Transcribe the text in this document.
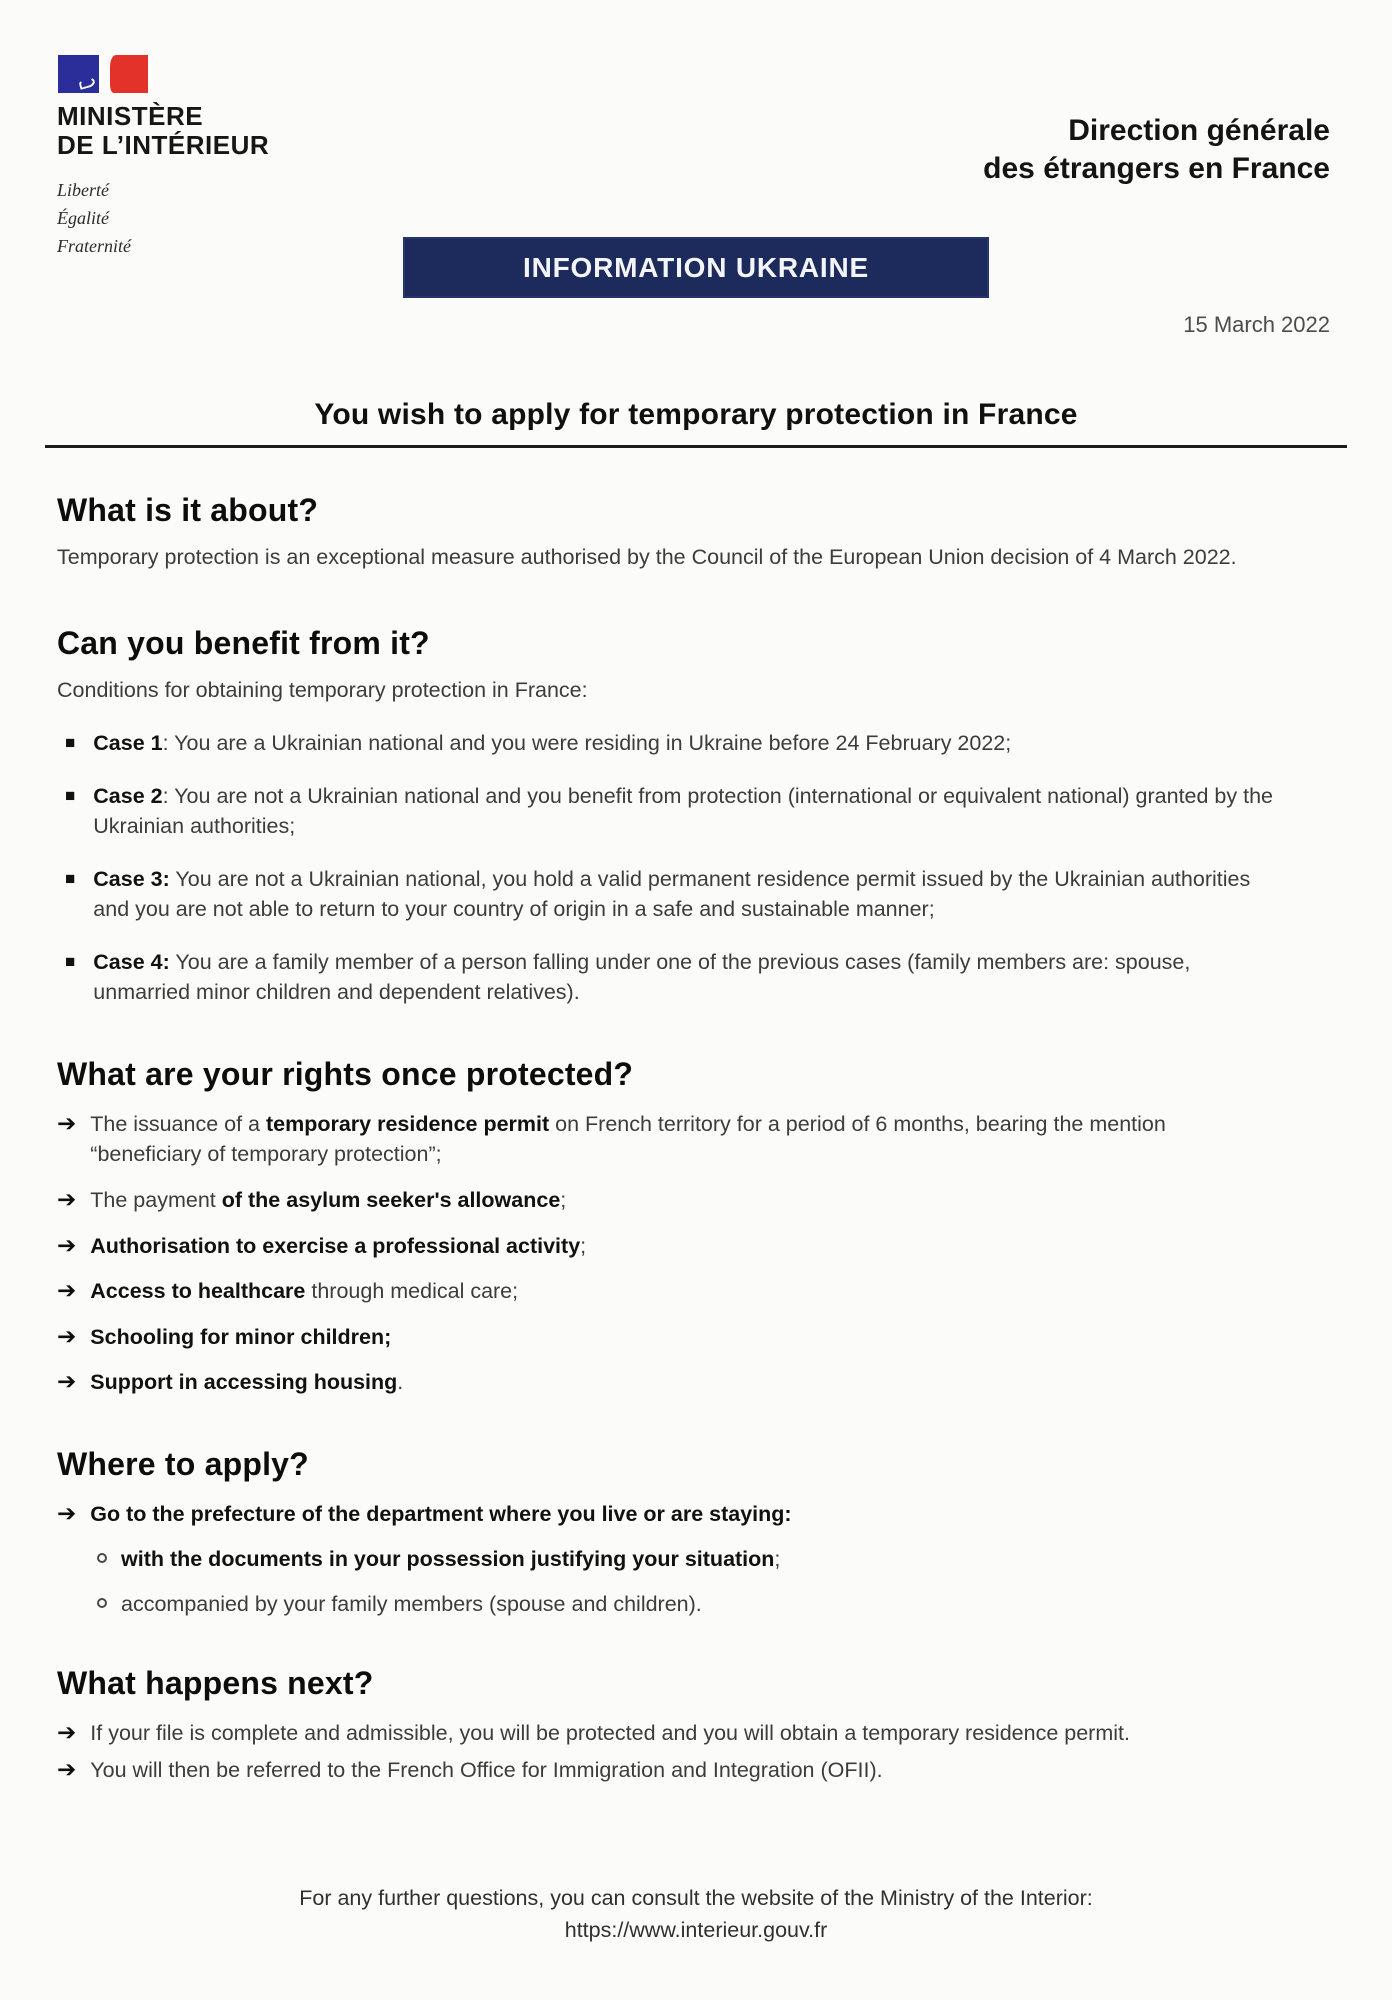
MINISTÈRE
DE L’INTÉRIEUR
Liberté
Égalité
Fraternité
Direction générale
des étrangers en France
INFORMATION UKRAINE
15 March 2022
You wish to apply for temporary protection in France
What is it about?

Temporary protection is an exceptional measure authorised by the Council of the European Union decision of 4 March 2022.

Can you benefit from it?

Conditions for obtaining temporary protection in France:

■ Case 1: You are a Ukrainian national and you were residing in Ukraine before 24 February 2022;
■ Case 2: You are not a Ukrainian national and you benefit from protection (international or equivalent national) granted by the Ukrainian authorities;
■ Case 3: You are not a Ukrainian national, you hold a valid permanent residence permit issued by the Ukrainian authorities and you are not able to return to your country of origin in a safe and sustainable manner;
■ Case 4: You are a family member of a person falling under one of the previous cases (family members are: spouse, unmarried minor children and dependent relatives).
What are your rights once protected?
➔ The issuance of a temporary residence permit on French territory for a period of 6 months, bearing the mention “beneficiary of temporary protection”;
➔ The payment of the asylum seeker's allowance;
➔ Authorisation to exercise a professional activity;
➔ Access to healthcare through medical care;
➔ Schooling for minor children;
➔ Support in accessing housing.
Where to apply?
➔ Go to the prefecture of the department where you live or are staying:
with the documents in your possession justifying your situation;
accompanied by your family members (spouse and children).
What happens next?
➔ If your file is complete and admissible, you will be protected and you will obtain a temporary residence permit.
➔ You will then be referred to the French Office for Immigration and Integration (OFII).
For any further questions, you can consult the website of the Ministry of the Interior:
https://www.interieur.gouv.fr
